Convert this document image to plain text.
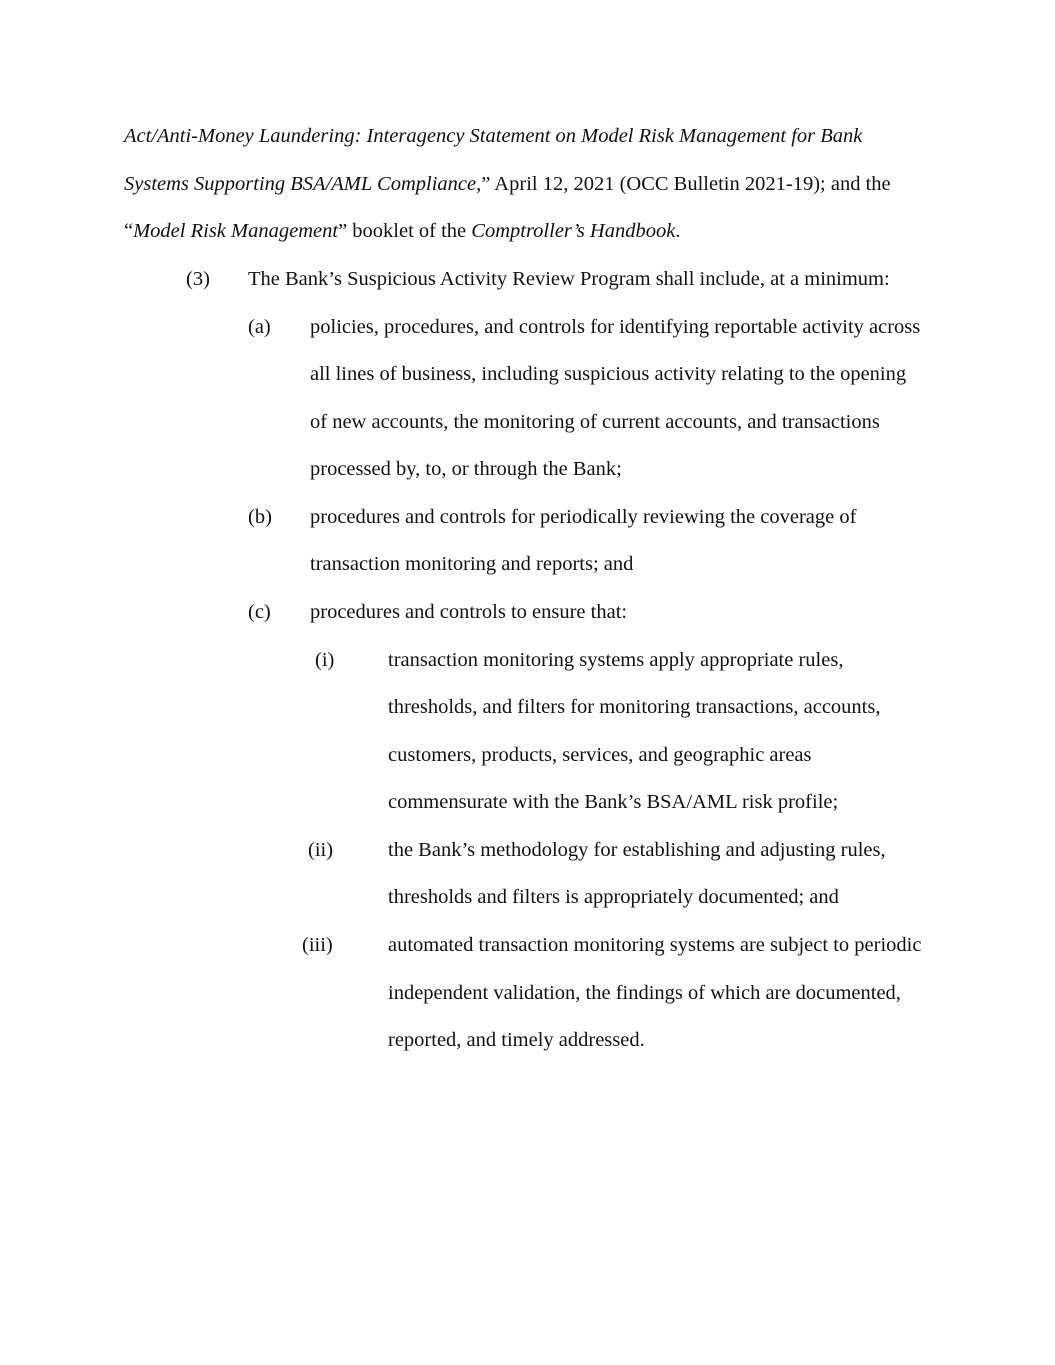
Act/Anti-Money Laundering: Interagency Statement on Model Risk Management for Bank
Systems Supporting BSA/AML Compliance,” April 12, 2021 (OCC Bulletin 2021-19); and the
“Model Risk Management” booklet of the Comptroller’s Handbook.
(3) The Bank’s Suspicious Activity Review Program shall include, at a minimum:
(a) policies, procedures, and controls for identifying reportable activity across
all lines of business, including suspicious activity relating to the opening
of new accounts, the monitoring of current accounts, and transactions
processed by, to, or through the Bank;
(b) procedures and controls for periodically reviewing the coverage of
transaction monitoring and reports; and
(c) procedures and controls to ensure that:
(i)	transaction monitoring systems apply appropriate rules,
thresholds, and filters for monitoring transactions, accounts,
customers, products, services, and geographic areas
commensurate with the Bank’s BSA/AML risk profile;
(ii)	the Bank’s methodology for establishing and adjusting rules,
thresholds and filters is appropriately documented; and
(iii)	automated transaction monitoring systems are subject to periodic
independent validation, the findings of which are documented,
reported, and timely addressed.
